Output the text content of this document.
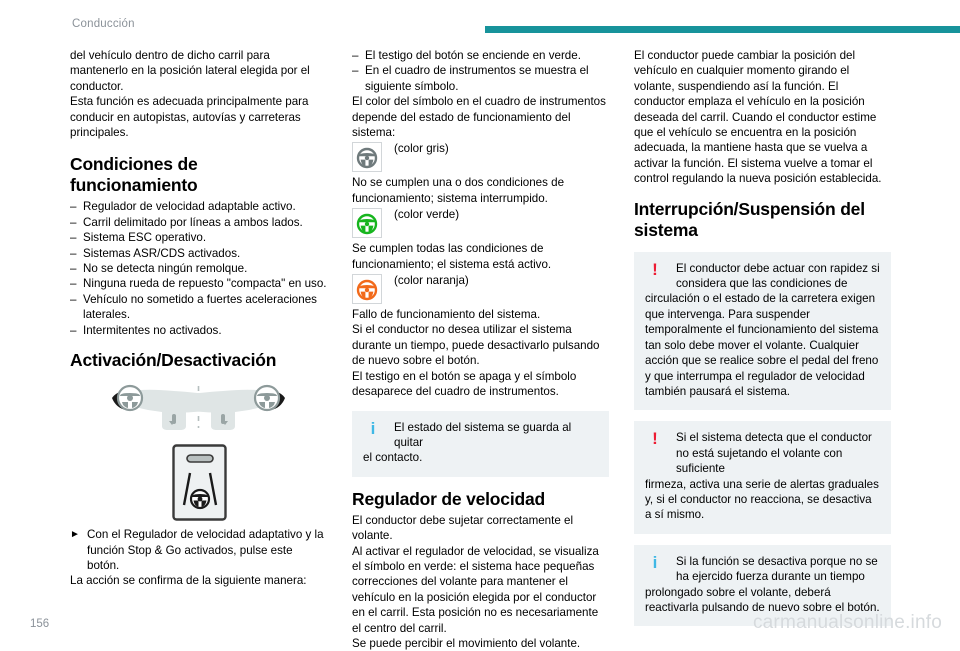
Conducción

del vehículo dentro de dicho carril para mantenerlo en la posición lateral elegida por el conductor.

Esta función es adecuada principalmente para conducir en autopistas, autovías y carreteras principales.

Condiciones de funcionamiento
– Regulador de velocidad adaptable activo.
– Carril delimitado por líneas a ambos lados.
– Sistema ESC operativo.
– Sistemas ASR/CDS activados.
– No se detecta ningún remolque.
– Ninguna rueda de repuesto "compacta" en uso.
– Vehículo no sometido a fuertes aceleraciones laterales.
– Intermitentes no activados.
Activación/Desactivación

► Con el Regulador de velocidad adaptativo y la función Stop & Go activados, pulse este botón.

La acción se confirma de la siguiente manera:

– El testigo del botón se enciende en verde.
– En el cuadro de instrumentos se muestra el siguiente símbolo.

El color del símbolo en el cuadro de instrumentos depende del estado de funcionamiento del sistema:

(color gris)

No se cumplen una o dos condiciones de funcionamiento; sistema interrumpido.

(color verde)

Se cumplen todas las condiciones de funcionamiento; el sistema está activo.

(color naranja)

Fallo de funcionamiento del sistema.

Si el conductor no desea utilizar el sistema durante un tiempo, puede desactivarlo pulsando de nuevo sobre el botón.

El testigo en el botón se apaga y el símbolo desaparece del cuadro de instrumentos.

i	El estado del sistema se guarda al quitar
el contacto.
Regulador de velocidad

El conductor debe sujetar correctamente el volante.

Al activar el regulador de velocidad, se visualiza el símbolo en verde: el sistema hace pequeñas correcciones del volante para mantener el vehículo en la posición elegida por el conductor en el carril. Esta posición no es necesariamente el centro del carril.

Se puede percibir el movimiento del volante.

El conductor puede cambiar la posición del vehículo en cualquier momento girando el volante, suspendiendo así la función. El conductor emplaza el vehículo en la posición deseada del carril. Cuando el conductor estime que el vehículo se encuentra en la posición adecuada, la mantiene hasta que se vuelva a activar la función. El sistema vuelve a tomar el control regulando la nueva posición establecida.

Interrupción/Suspensión del sistema
!	El conductor debe actuar con rapidez si considera que las condiciones de
circulación o el estado de la carretera exigen que intervenga. Para suspender temporalmente el funcionamiento del sistema tan solo debe mover el volante. Cualquier acción que se realice sobre el pedal del freno y que interrumpa el regulador de velocidad también pausará el sistema.
!	Si el sistema detecta que el conductor no está sujetando el volante con suficiente
firmeza, activa una serie de alertas graduales y, si el conductor no reacciona, se desactiva a sí mismo.
i	Si la función se desactiva porque no se ha ejercido fuerza durante un tiempo
prolongado sobre el volante, deberá reactivarla pulsando de nuevo sobre el botón.
156	carmanualsonline.info
